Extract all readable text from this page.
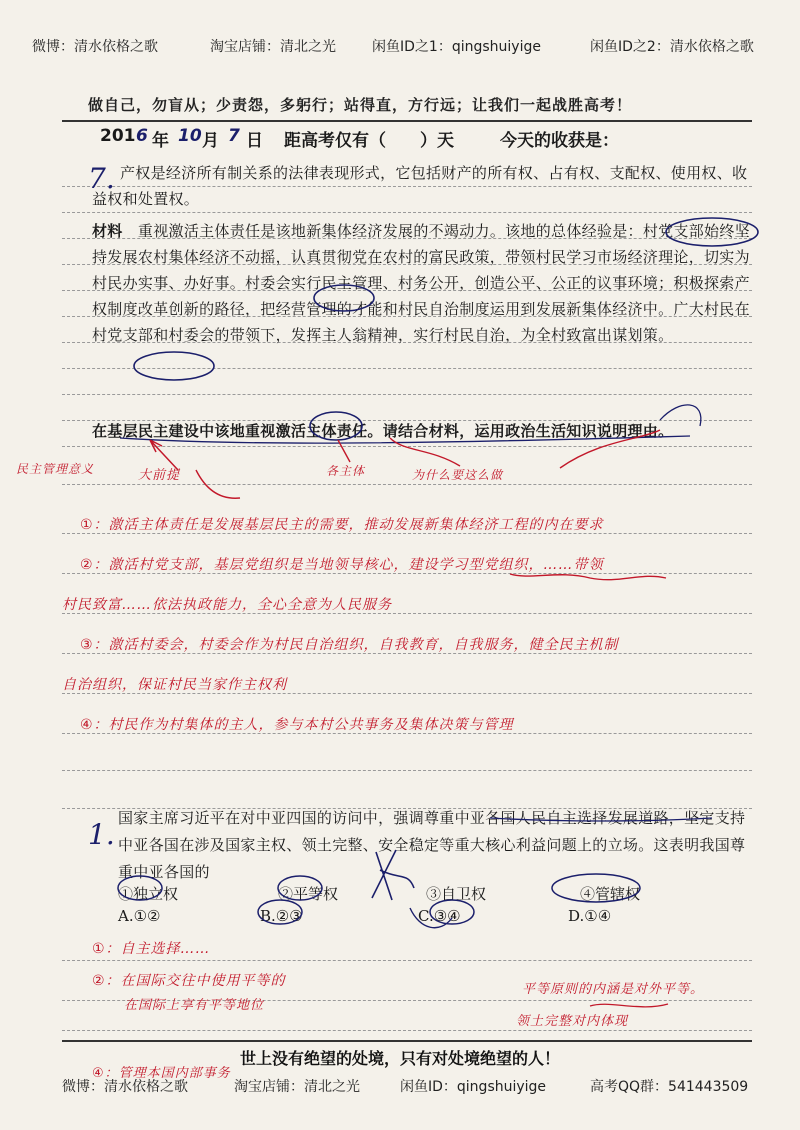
微博：清水依格之歌	淘宝店铺：清北之光	闲鱼ID之1：qingshuiyige	闲鱼ID之2：清水依格之歌
做自己，勿盲从；少责怨，多躬行；站得直，方行远；让我们一起战胜高考！
201 6 年 10 月 7 日 距高考仅有（　　）天	今天的收获是：
7. 产权是经济所有制关系的法律表现形式，它包括财产的所有权、占有权、支配权、使用权、收益权和处置权。
材料　 重视激活主体责任是该地新集体经济发展的不竭动力。该地的总体经验是：村党支部始终坚持发展农村集体经济不动摇，认真贯彻党在农村的富民政策，带领村民学习市场经济理论，切实为村民办实事、办好事。村委会实行民主管理、村务公开，创造公平、公正的议事环境；积极探索产权制度改革创新的路径，把经营管理的才能和村民自治制度运用到发展新集体经济中。广大村民在村党支部和村委会的带领下，发挥主人翁精神，实行村民自治，为全村致富出谋划策。
在基层民主建设中该地重视激活主体责任。请结合材料，运用政治生活知识说明理由。
民主管理意义	大前提	各主体	为什么要这么做
①：激活主体责任是发展基层民主的需要，推动发展新集体经济工程的内在要求
②：激活村党支部，基层党组织是当地领导核心，建设学习型党组织，……带领
村民致富……依法执政能力，全心全意为人民服务
③：激活村委会，村委会作为村民自治组织，自我教育，自我服务，健全民主机制
自治组织，保证村民当家作主权利
④：村民作为村集体的主人，参与本村公共事务及集体决策与管理
1. 国家主席习近平在对中亚四国的访问中，强调尊重中亚各国人民自主选择发展道路，坚定支持中亚各国在涉及国家主权、领土完整、安全稳定等重大核心利益问题上的立场。这表明我国尊重中亚各国的
①独立权	②平等权	③自卫权	④管辖权
A.①②	B.②③	C.③④	D.①④
①：自主选择……
②：在国际交往中使用平等的
在国际上享有平等地位
平等原则的内涵是对外平等。
领土完整对内体现
④：管理本国内部事务
世上没有绝望的处境，只有对处境绝望的人！
微博：清水依格之歌	淘宝店铺：清北之光	闲鱼ID：qingshuiyige	高考QQ群：541443509
